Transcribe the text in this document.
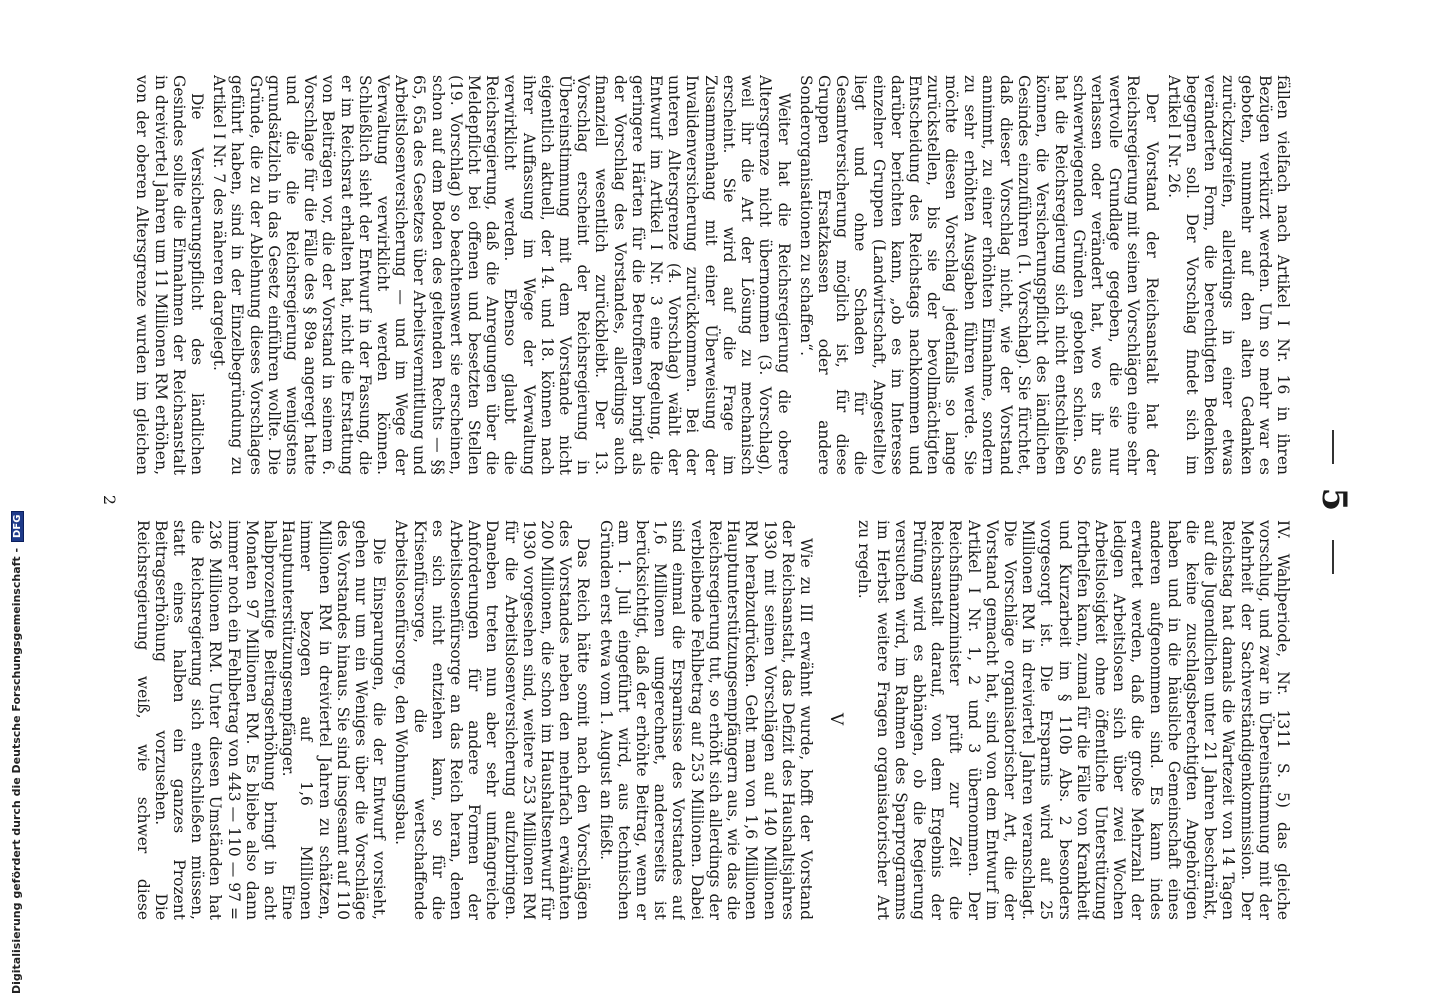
5

fällen vielfach nach Artikel I Nr. 16 in ihren Bezügen verkürzt werden. Um so mehr war es geboten, nunmehr auf den alten Gedanken zurückzugreifen, allerdings in einer etwas veränderten Form, die berechtigten Bedenken begegnen soll. Der Vorschlag findet sich im Artikel I Nr. 26.

Der Vorstand der Reichsanstalt hat der Reichsregierung mit seinen Vorschlägen eine sehr wertvolle Grundlage gegeben, die sie nur verlassen oder verändert hat, wo es ihr aus schwerwiegenden Gründen geboten schien. So hat die Reichsregierung sich nicht entschließen können, die Versicherungspflicht des ländlichen Gesindes einzuführen (1. Vorschlag). Sie fürchtet, daß dieser Vorschlag nicht, wie der Vorstand annimmt, zu einer erhöhten Einnahme, sondern zu sehr erhöhten Ausgaben führen werde. Sie möchte diesen Vorschlag jedenfalls so lange zurückstellen, bis sie der bevollmächtigten Entscheidung des Reichstags nachkommen und darüber berichten kann, „ob es im Interesse einzelner Gruppen (Landwirtschaft, Angestellte) liegt und ohne Schaden für die Gesamtversicherung möglich ist, für diese Gruppen Ersatzkassen oder andere Sonderorganisationen zu schaffen“.

Weiter hat die Reichsregierung die obere Altersgrenze nicht übernommen (3. Vorschlag), weil ihr die Art der Lösung zu mechanisch erscheint. Sie wird auf die Frage im Zusammenhang mit einer Überweisung der Invalidenversicherung zurückkommen. Bei der unteren Altersgrenze (4. Vorschlag) wählt der Entwurf im Artikel I Nr. 3 eine Regelung, die geringere Härten für die Betroffenen bringt als der Vorschlag des Vorstandes, allerdings auch finanziell wesentlich zurückbleibt. Der 13. Vorschlag erscheint der Reichsregierung in Übereinstimmung mit dem Vorstande nicht eigentlich aktuell, der 14. und 18. können nach ihrer Auffassung im Wege der Verwaltung verwirklicht werden. Ebenso glaubt die Reichsregierung, daß die Anregungen über die Meldepflicht bei offenen und besetzten Stellen (19. Vorschlag) so beachtenswert sie erscheinen, schon auf dem Boden des geltenden Rechts — §§ 65, 65a des Gesetzes über Arbeitsvermittlung und Arbeitslosenversicherung — und im Wege der Verwaltung verwirklicht werden können. Schließlich sieht der Entwurf in der Fassung, die er im Reichsrat erhalten hat, nicht die Erstattung von Beiträgen vor, die der Vorstand in seinem 6. Vorschlage für die Fälle des § 89a angeregt hatte und die die Reichsregierung wenigstens grundsätzlich in das Gesetz einführen wollte. Die Gründe, die zu der Ablehnung dieses Vorschlages geführt haben, sind in der Einzelbegründung zu Artikel I Nr. 7 des näheren dargelegt.

Die Versicherungspflicht des ländlichen Gesindes sollte die Einnahmen der Reichsanstalt in dreiviertel Jahren um 11 Millionen RM erhöhen, von der oberen Altersgrenze wurden im gleichen

IV. Wahlperiode, Nr. 1311 S. 5) das gleiche vorschlug, und zwar in Übereinstimmung mit der Mehrheit der Sachverständigenkommission. Der Reichstag hat damals die Wartezeit von 14 Tagen auf die Jugendlichen unter 21 Jahren beschränkt, die keine zuschlagsberechtigten Angehörigen haben und in die häusliche Gemeinschaft eines anderen aufgenommen sind. Es kann indes erwartet werden, daß die große Mehrzahl der ledigen Arbeitslosen sich über zwei Wochen Arbeitslosigkeit ohne öffentliche Unterstützung forthelfen kann, zumal für die Fälle von Krankheit und Kurzarbeit im § 110b Abs. 2 besonders vorgesorgt ist. Die Ersparnis wird auf 25 Millionen RM in dreiviertel Jahren veranschlagt. Die Vorschläge organisatorischer Art, die der Vorstand gemacht hat, sind von dem Entwurf im Artikel I Nr. 1, 2 und 3 übernommen. Der Reichsfinanzminister prüft zur Zeit die Reichsanstalt darauf, von dem Ergebnis der Prüfung wird es abhängen, ob die Regierung versuchen wird, im Rahmen des Sparprogramms im Herbst weitere Fragen organisatorischer Art zu regeln.

V

Wie zu III erwähnt wurde, hofft der Vorstand der Reichsanstalt, das Defizit des Haushaltsjahres 1930 mit seinen Vorschlägen auf 140 Millionen RM herabzudrücken. Geht man von 1,6 Millionen Hauptunterstützungsempfängern aus, wie das die Reichsregierung tut, so erhöht sich allerdings der verbleibende Fehlbetrag auf 253 Millionen. Dabei sind einmal die Ersparnisse des Vorstandes auf 1,6 Millionen umgerechnet, andererseits ist berücksichtigt, daß der erhöhte Beitrag, wenn er am 1. Juli eingeführt wird, aus technischen Gründen erst etwa vom 1. August an fließt.

Das Reich hätte somit nach den Vorschlägen des Vorstandes neben den mehrfach erwähnten 200 Millionen, die schon im Haushaltsentwurf für 1930 vorgesehen sind, weitere 253 Millionen RM für die Arbeitslosenversicherung aufzubringen. Daneben treten nun aber sehr umfangreiche Anforderungen für andere Formen der Arbeitslosenfürsorge an das Reich heran, denen es sich nicht entziehen kann, so für die Krisenfürsorge, die wertschaffende Arbeitslosenfürsorge, den Wohnungsbau.

Die Einsparungen, die der Entwurf vorsieht, gehen nur um ein Weniges über die Vorschläge des Vorstandes hinaus. Sie sind insgesamt auf 110 Millionen RM in dreiviertel Jahren zu schätzen, immer bezogen auf 1,6 Millionen Hauptunterstützungsempfänger. Eine halbprozentige Beitragserhöhung bringt in acht Monaten 97 Millionen RM. Es bliebe also dann immer noch ein Fehlbetrag von 443 — 110 — 97 = 236 Millionen RM. Unter diesen Umständen hat die Reichsregierung sich entschließen müssen, statt eines halben ein ganzes Prozent Beitragserhöhung vorzusehen. Die Reichsregierung weiß, wie schwer diese

2
Digitalisierung gefördert durch die Deutsche Forschungsgemeinschaft -DFG
